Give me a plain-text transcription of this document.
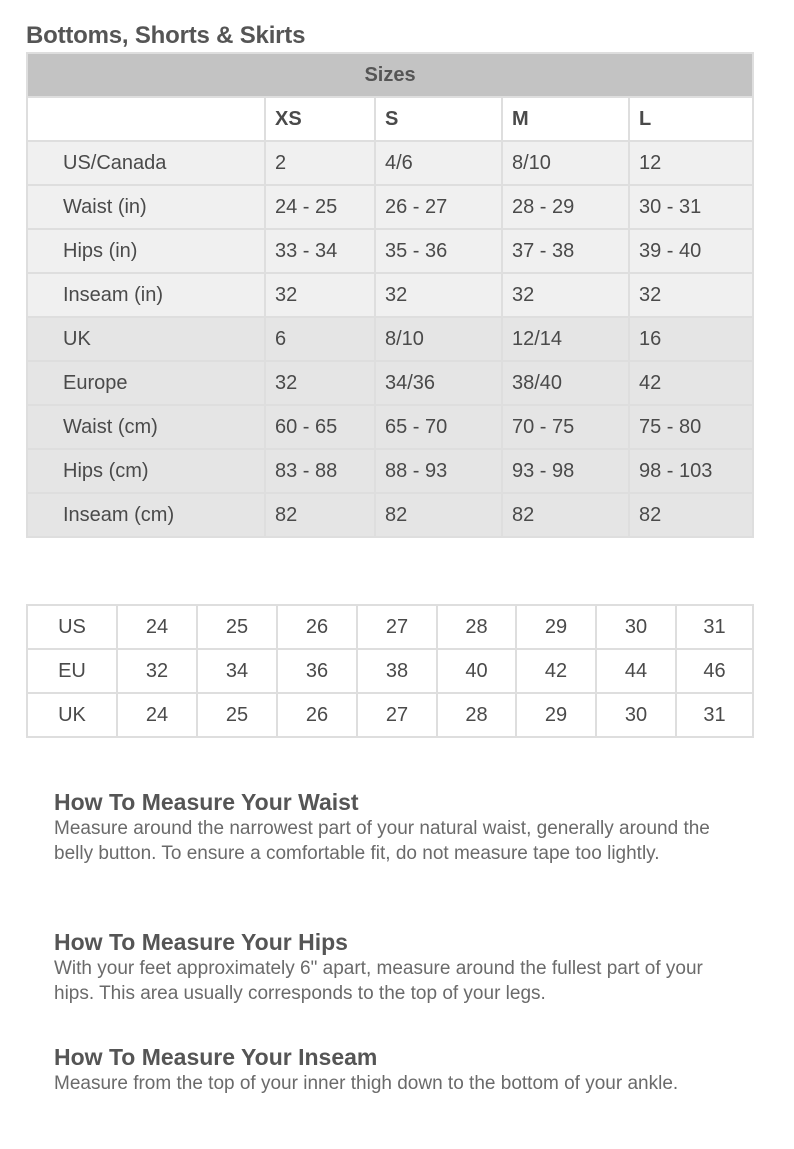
Bottoms, Shorts & Skirts
Sizes				
	XS	S	M	L
US/Canada	2	4/6	8/10	12
Waist (in)	24 - 25	26 - 27	28 - 29	30 - 31
Hips (in)	33 - 34	35 - 36	37 - 38	39 - 40
Inseam (in)	32	32	32	32
UK	6	8/10	12/14	16
Europe	32	34/36	38/40	42
Waist (cm)	60 - 65	65 - 70	70 - 75	75 - 80
Hips (cm)	83 - 88	88 - 93	93 - 98	98 - 103
Inseam (cm)	82	82	82	82
US	24	25	26	27	28	29	30	31
EU	32	34	36	38	40	42	44	46
UK	24	25	26	27	28	29	30	31
How To Measure Your Waist

Measure around the narrowest part of your natural waist, generally around the belly button. To ensure a comfortable fit, do not measure tape too lightly.

How To Measure Your Hips

With your feet approximately 6" apart, measure around the fullest part of your hips. This area usually corresponds to the top of your legs.

How To Measure Your Inseam

Measure from the top of your inner thigh down to the bottom of your ankle.
